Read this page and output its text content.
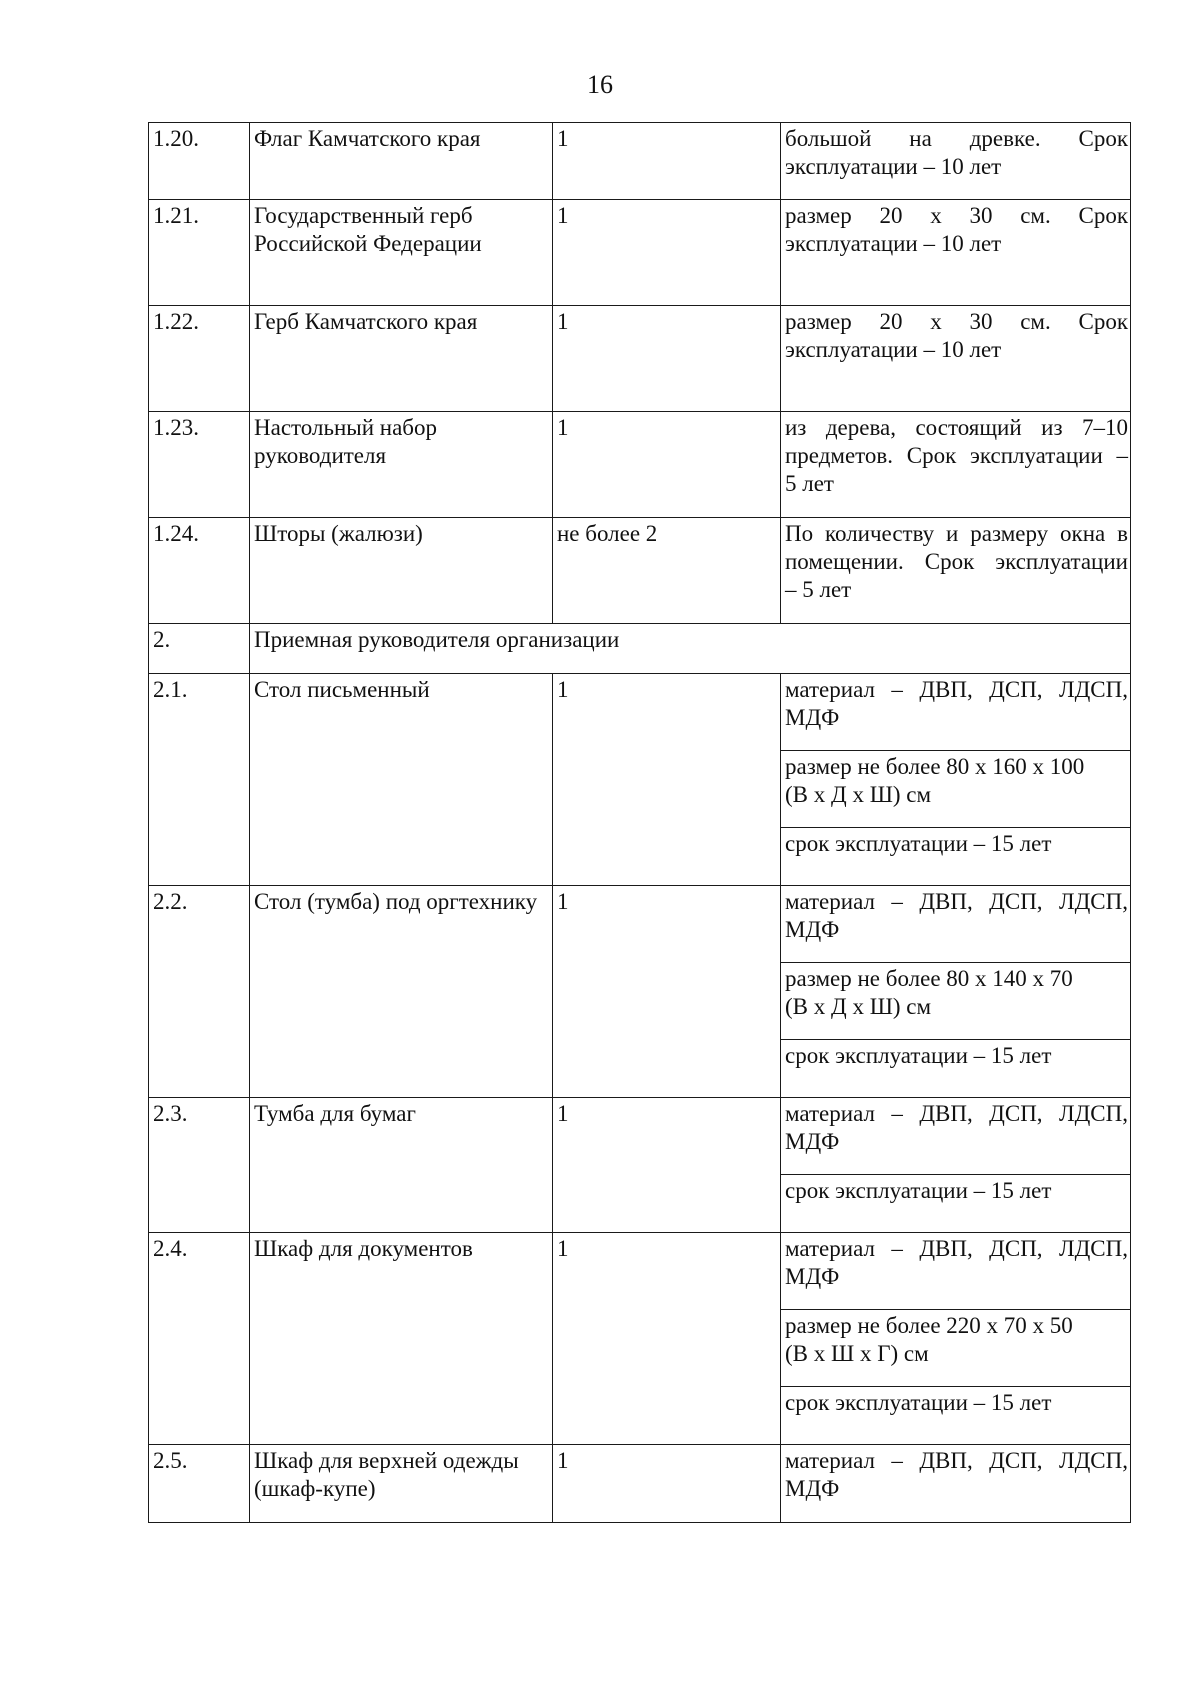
16
1.20.	Флаг Камчатского края	1	большой на древке. Срок
эксплуатации – 10 лет

1.21.	Государственный герб Российской Федерации	1	размер 20 х 30 см. Срок
эксплуатации – 10 лет

1.22.	Герб Камчатского края	1	размер 20 х 30 см. Срок
эксплуатации – 10 лет

1.23.	Настольный набор руководителя	1	из дерева, состоящий из 7–10
предметов. Срок эксплуатации –
5 лет

1.24.	Шторы (жалюзи)	не более 2	По количеству и размеру окна в
помещении. Срок эксплуатации
– 5 лет

2.	Приемная руководителя организации		
2.1.	Стол письменный	1	материал – ДВП, ДСП, ЛДСП,
МДФ

			размер не более 80 х 160 х 100
(В х Д х Ш) см

			срок эксплуатации – 15 лет

2.2.	Стол (тумба) под оргтехнику	1	материал – ДВП, ДСП, ЛДСП,
МДФ

			размер не более 80 х 140 х 70
(В х Д х Ш) см

			срок эксплуатации – 15 лет

2.3.	Тумба для бумаг	1	материал – ДВП, ДСП, ЛДСП,
МДФ

			срок эксплуатации – 15 лет

2.4.	Шкаф для документов	1	материал – ДВП, ДСП, ЛДСП,
МДФ

			размер не более 220 х 70 х 50
(В х Ш х Г) см

			срок эксплуатации – 15 лет

2.5.	Шкаф для верхней одежды (шкаф-купе)	1	материал – ДВП, ДСП, ЛДСП,
МДФ
